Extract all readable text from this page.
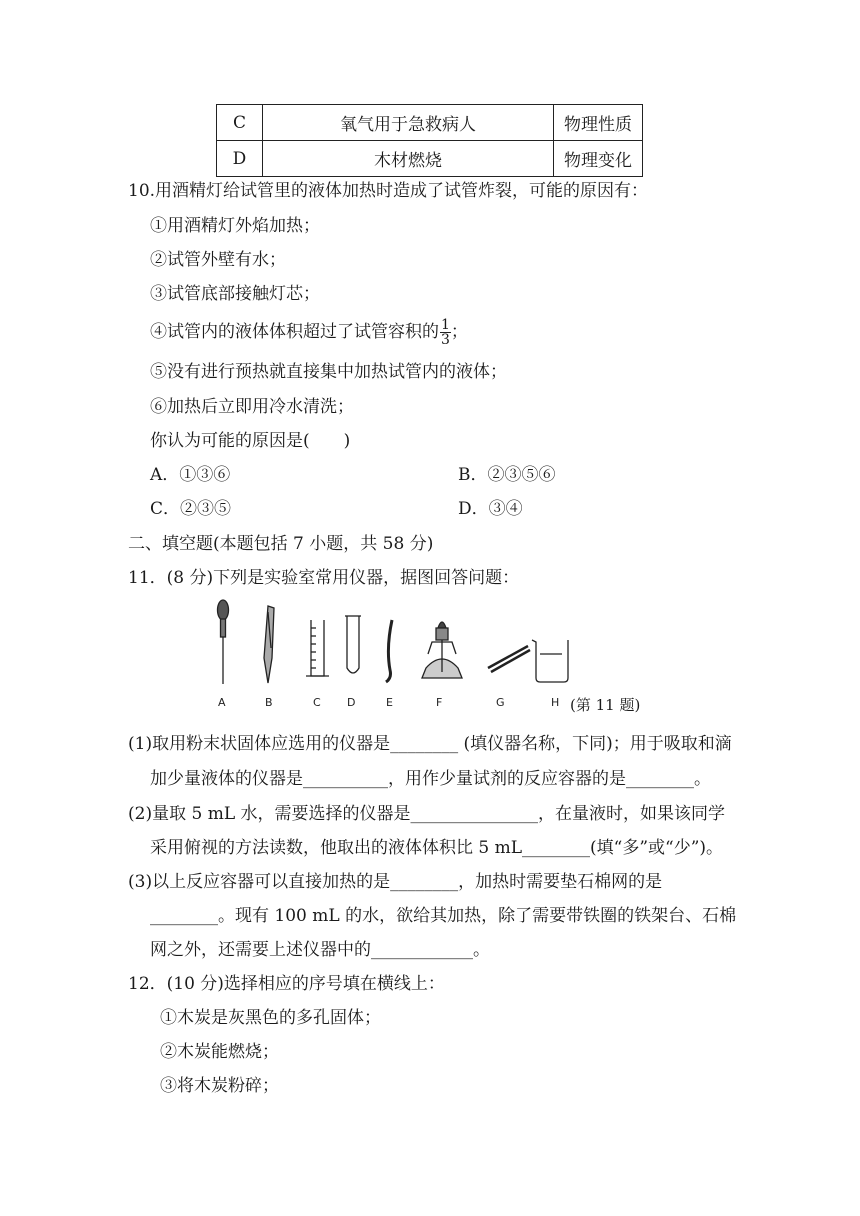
C	氧气用于急救病人	物理性质
D	木材燃烧	物理变化
10.用酒精灯给试管里的液体加热时造成了试管炸裂，可能的原因有：
①用酒精灯外焰加热；
②试管外壁有水；
③试管底部接触灯芯；
④试管内的液体体积超过了试管容积的 $\frac{1}{3}$ ；
⑤没有进行预热就直接集中加热试管内的液体；
⑥加热后立即用冷水清洗；
你认为可能的原因是(　　)
A．①③⑥	B．②③⑤⑥
C．②③⑤	D．③④
二、填空题(本题包括 7 小题，共 58 分)
11．(8 分)下列是实验室常用仪器，据图回答问题：
A	B	C D	E	F	G	H (第 11 题)
(1)取用粉末状固体应选用的仪器是________ (填仪器名称，下同)；用于吸取和滴
加少量液体的仪器是__________，用作少量试剂的反应容器的是________。
(2)量取 5 mL 水，需要选择的仪器是_______________，在量液时，如果该同学
采用俯视的方法读数，他取出的液体体积比 5 mL________(填“多”或“少”)。
(3)以上反应容器可以直接加热的是________，加热时需要垫石棉网的是
________。现有 100 mL 的水，欲给其加热，除了需要带铁圈的铁架台、石棉
网之外，还需要上述仪器中的____________。
12．(10 分)选择相应的序号填在横线上：
①木炭是灰黑色的多孔固体；
②木炭能燃烧；
③将木炭粉碎；
